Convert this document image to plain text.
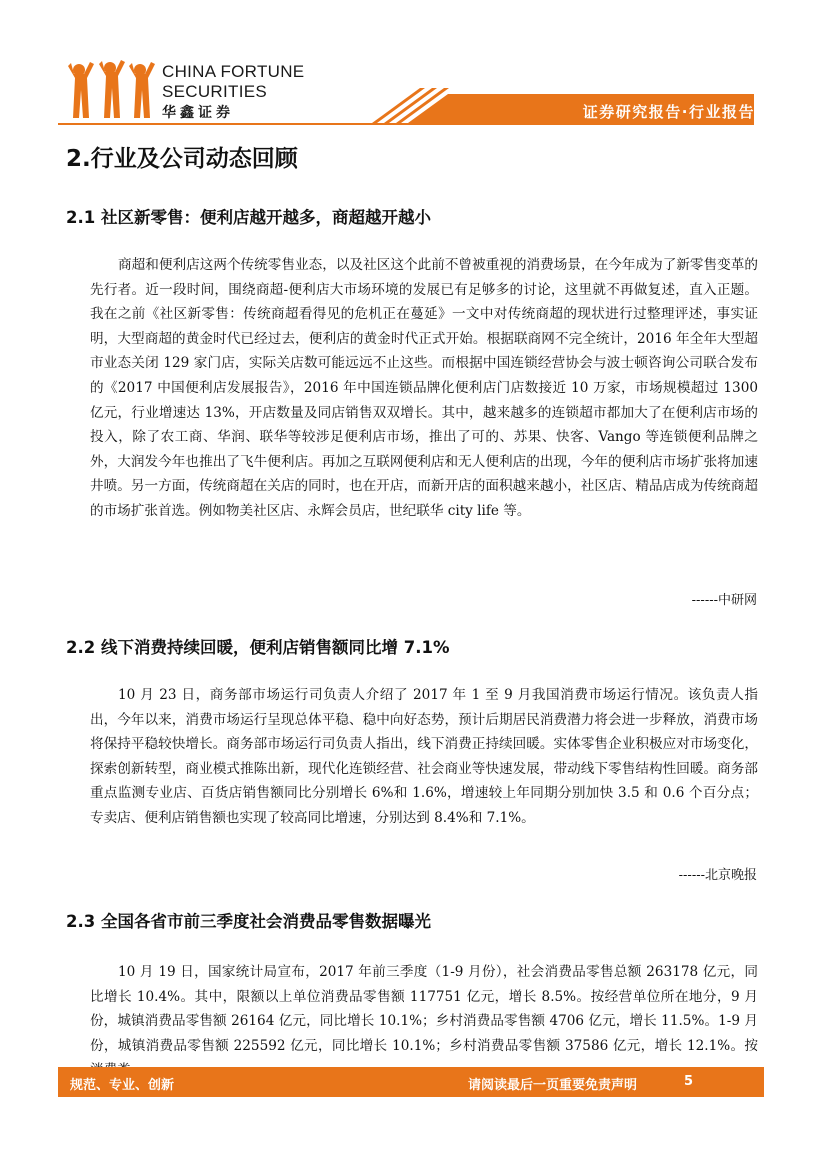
CHINA FORTUNE
SECURITIES
华鑫证券	证券研究报告·行业报告
2.行业及公司动态回顾
2.1 社区新零售：便利店越开越多，商超越开越小
商超和便利店这两个传统零售业态，以及社区这个此前不曾被重视的消费场景，在今年成为了新零售变革的先行者。近一段时间，围绕商超-便利店大市场环境的发展已有足够多的讨论，这里就不再做复述，直入正题。我在之前《社区新零售：传统商超看得见的危机正在蔓延》一文中对传统商超的现状进行过整理评述，事实证明，大型商超的黄金时代已经过去，便利店的黄金时代正式开始。根据联商网不完全统计，2016 年全年大型超市业态关闭 129 家门店，实际关店数可能远远不止这些。而根据中国连锁经营协会与波士顿咨询公司联合发布的《2017 中国便利店发展报告》，2016 年中国连锁品牌化便利店门店数接近 10 万家，市场规模超过 1300 亿元，行业增速达 13%，开店数量及同店销售双双增长。其中，越来越多的连锁超市都加大了在便利店市场的投入，除了农工商、华润、联华等较涉足便利店市场，推出了可的、苏果、快客、Vango 等连锁便利品牌之外，大润发今年也推出了飞牛便利店。再加之互联网便利店和无人便利店的出现，今年的便利店市场扩张将加速井喷。另一方面，传统商超在关店的同时，也在开店，而新开店的面积越来越小，社区店、精品店成为传统商超的市场扩张首选。例如物美社区店、永辉会员店，世纪联华 city life 等。
------中研网
2.2 线下消费持续回暖，便利店销售额同比增 7.1%
10 月 23 日，商务部市场运行司负责人介绍了 2017 年 1 至 9 月我国消费市场运行情况。该负责人指出，今年以来，消费市场运行呈现总体平稳、稳中向好态势，预计后期居民消费潜力将会进一步释放，消费市场将保持平稳较快增长。商务部市场运行司负责人指出，线下消费正持续回暖。实体零售企业积极应对市场变化，探索创新转型，商业模式推陈出新，现代化连锁经营、社会商业等快速发展，带动线下零售结构性回暖。商务部重点监测专业店、百货店销售额同比分别增长 6%和 1.6%，增速较上年同期分别加快 3.5 和 0.6 个百分点；专卖店、便利店销售额也实现了较高同比增速，分别达到 8.4%和 7.1%。
------北京晚报
2.3 全国各省市前三季度社会消费品零售数据曝光
10 月 19 日，国家统计局宣布，2017 年前三季度（1-9 月份），社会消费品零售总额 263178 亿元，同比增长 10.4%。其中，限额以上单位消费品零售额 117751 亿元，增长 8.5%。按经营单位所在地分，9 月份，城镇消费品零售额 26164 亿元，同比增长 10.1%；乡村消费品零售额 4706 亿元，增长 11.5%。1-9 月份，城镇消费品零售额 225592 亿元，同比增长 10.1%；乡村消费品零售额 37586 亿元，增长 12.1%。按
规范、专业、创新	请阅读最后一页重要免责声明	5
